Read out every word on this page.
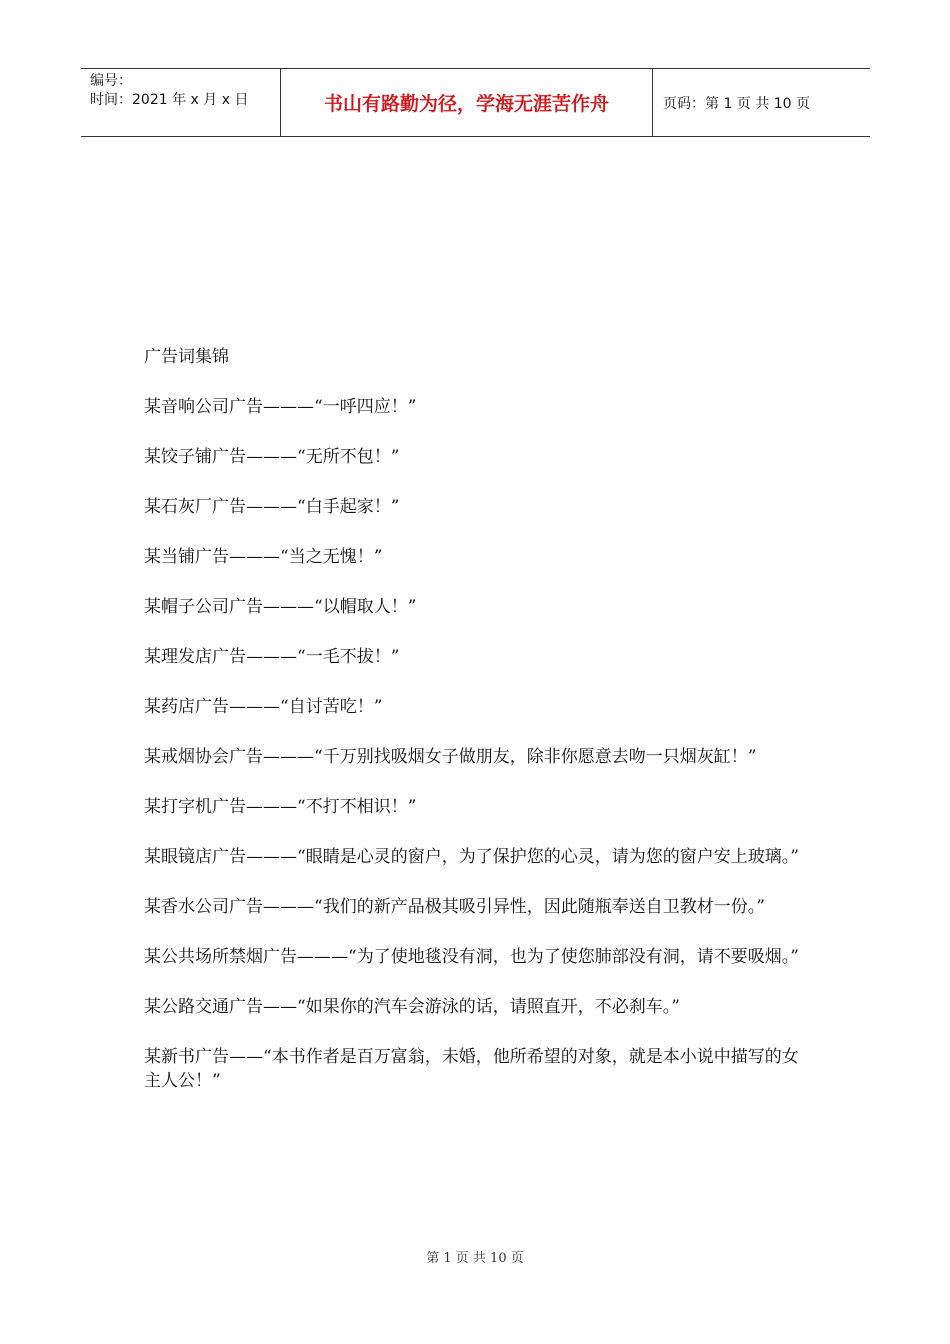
编号：
时间：2021 年 x 月 x 日	书山有路勤为径，学海无涯苦作舟	页码：第 1 页 共 10 页

广告词集锦

某音响公司广告———“一呼四应！”

某饺子铺广告———“无所不包！”

某石灰厂广告———“白手起家！”

某当铺广告———“当之无愧！”

某帽子公司广告———“以帽取人！”

某理发店广告———“一毛不拔！”

某药店广告———“自讨苦吃！”

某戒烟协会广告———“千万别找吸烟女子做朋友，除非你愿意去吻一只烟灰缸！”

某打字机广告———“不打不相识！”

某眼镜店广告———“眼睛是心灵的窗户，为了保护您的心灵，请为您的窗户安上玻璃。”

某香水公司广告———“我们的新产品极其吸引异性，因此随瓶奉送自卫教材一份。”

某公共场所禁烟广告———“为了使地毯没有洞，也为了使您肺部没有洞，请不要吸烟。”

某公路交通广告——“如果你的汽车会游泳的话，请照直开，不必刹车。”

某新书广告——“本书作者是百万富翁，未婚，他所希望的对象，就是本小说中描写的女主人公！”

第 1 页 共 10 页
